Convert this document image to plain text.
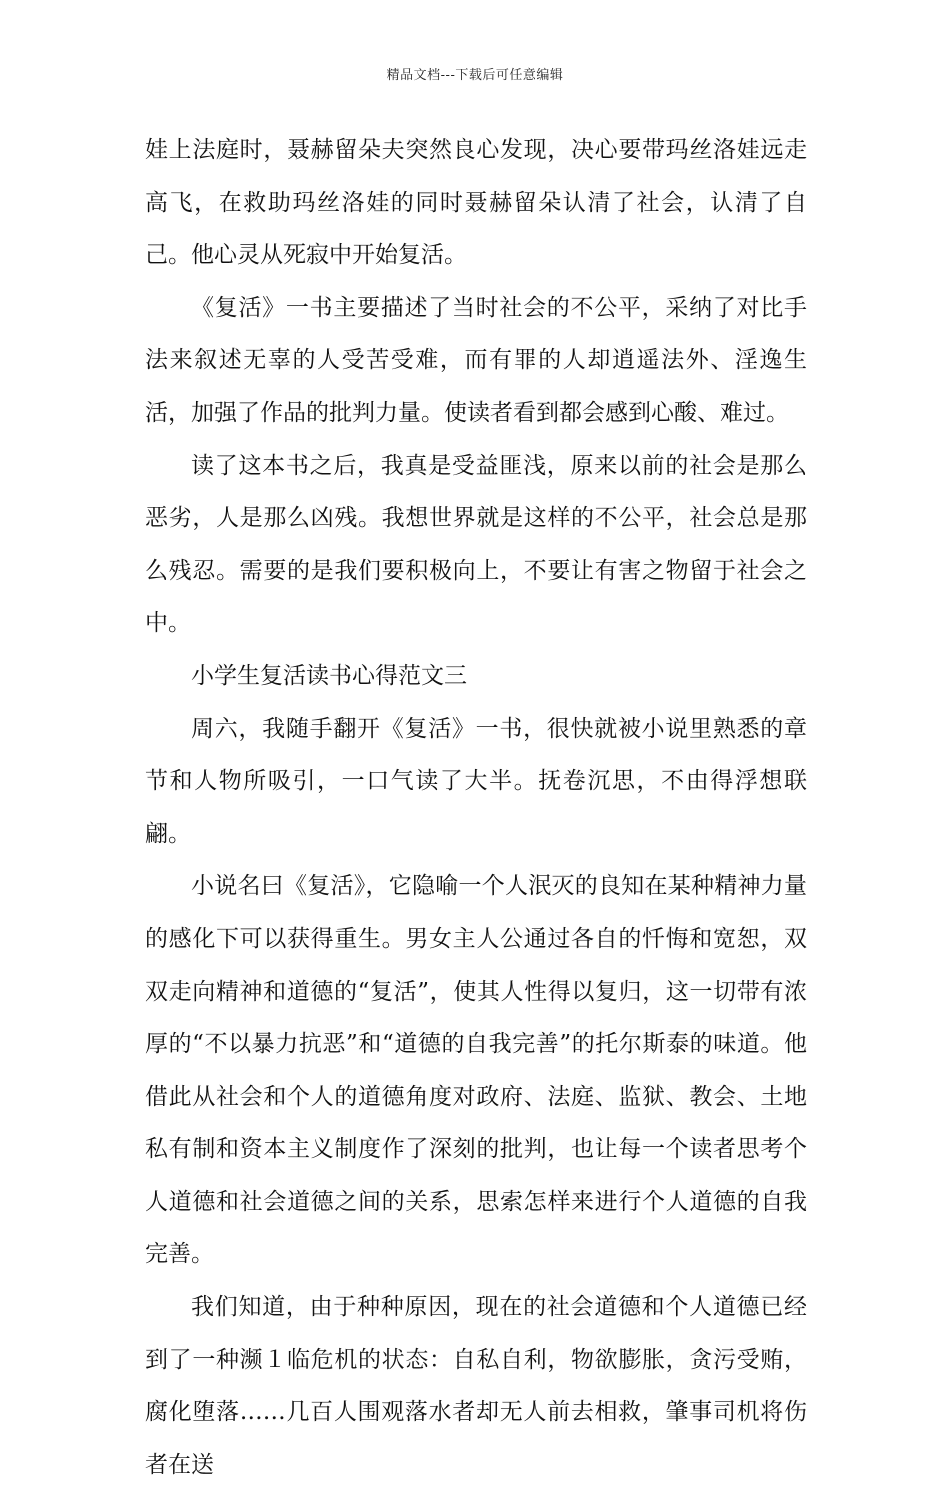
精品文档---下载后可任意编辑

娃上法庭时，聂赫留朵夫突然良心发现，决心要带玛丝洛娃远走高飞，在救助玛丝洛娃的同时聂赫留朵认清了社会，认清了自己。他心灵从死寂中开始复活。

《复活》一书主要描述了当时社会的不公平，采纳了对比手法来叙述无辜的人受苦受难，而有罪的人却逍遥法外、淫逸生活，加强了作品的批判力量。使读者看到都会感到心酸、难过。

读了这本书之后，我真是受益匪浅，原来以前的社会是那么恶劣，人是那么凶残。我想世界就是这样的不公平，社会总是那么残忍。需要的是我们要积极向上，不要让有害之物留于社会之中。

小学生复活读书心得范文三

周六，我随手翻开《复活》一书，很快就被小说里熟悉的章节和人物所吸引，一口气读了大半。抚卷沉思，不由得浮想联翩。

小说名曰《复活》，它隐喻一个人泯灭的良知在某种精神力量的感化下可以获得重生。男女主人公通过各自的忏悔和宽恕，双双走向精神和道德的“复活”，使其人性得以复归，这一切带有浓厚的“不以暴力抗恶”和“道德的自我完善”的托尔斯泰的味道。他借此从社会和个人的道德角度对政府、法庭、监狱、教会、土地私有制和资本主义制度作了深刻的批判，也让每一个读者思考个人道德和社会道德之间的关系，思索怎样来进行个人道德的自我完善。

我们知道，由于种种原因，现在的社会道德和个人道德已经到了一种濒１临危机的状态：自私自利，物欲膨胀，贪污受贿，腐化堕落……几百人围观落水者却无人前去相救，肇事司机将伤者在送
